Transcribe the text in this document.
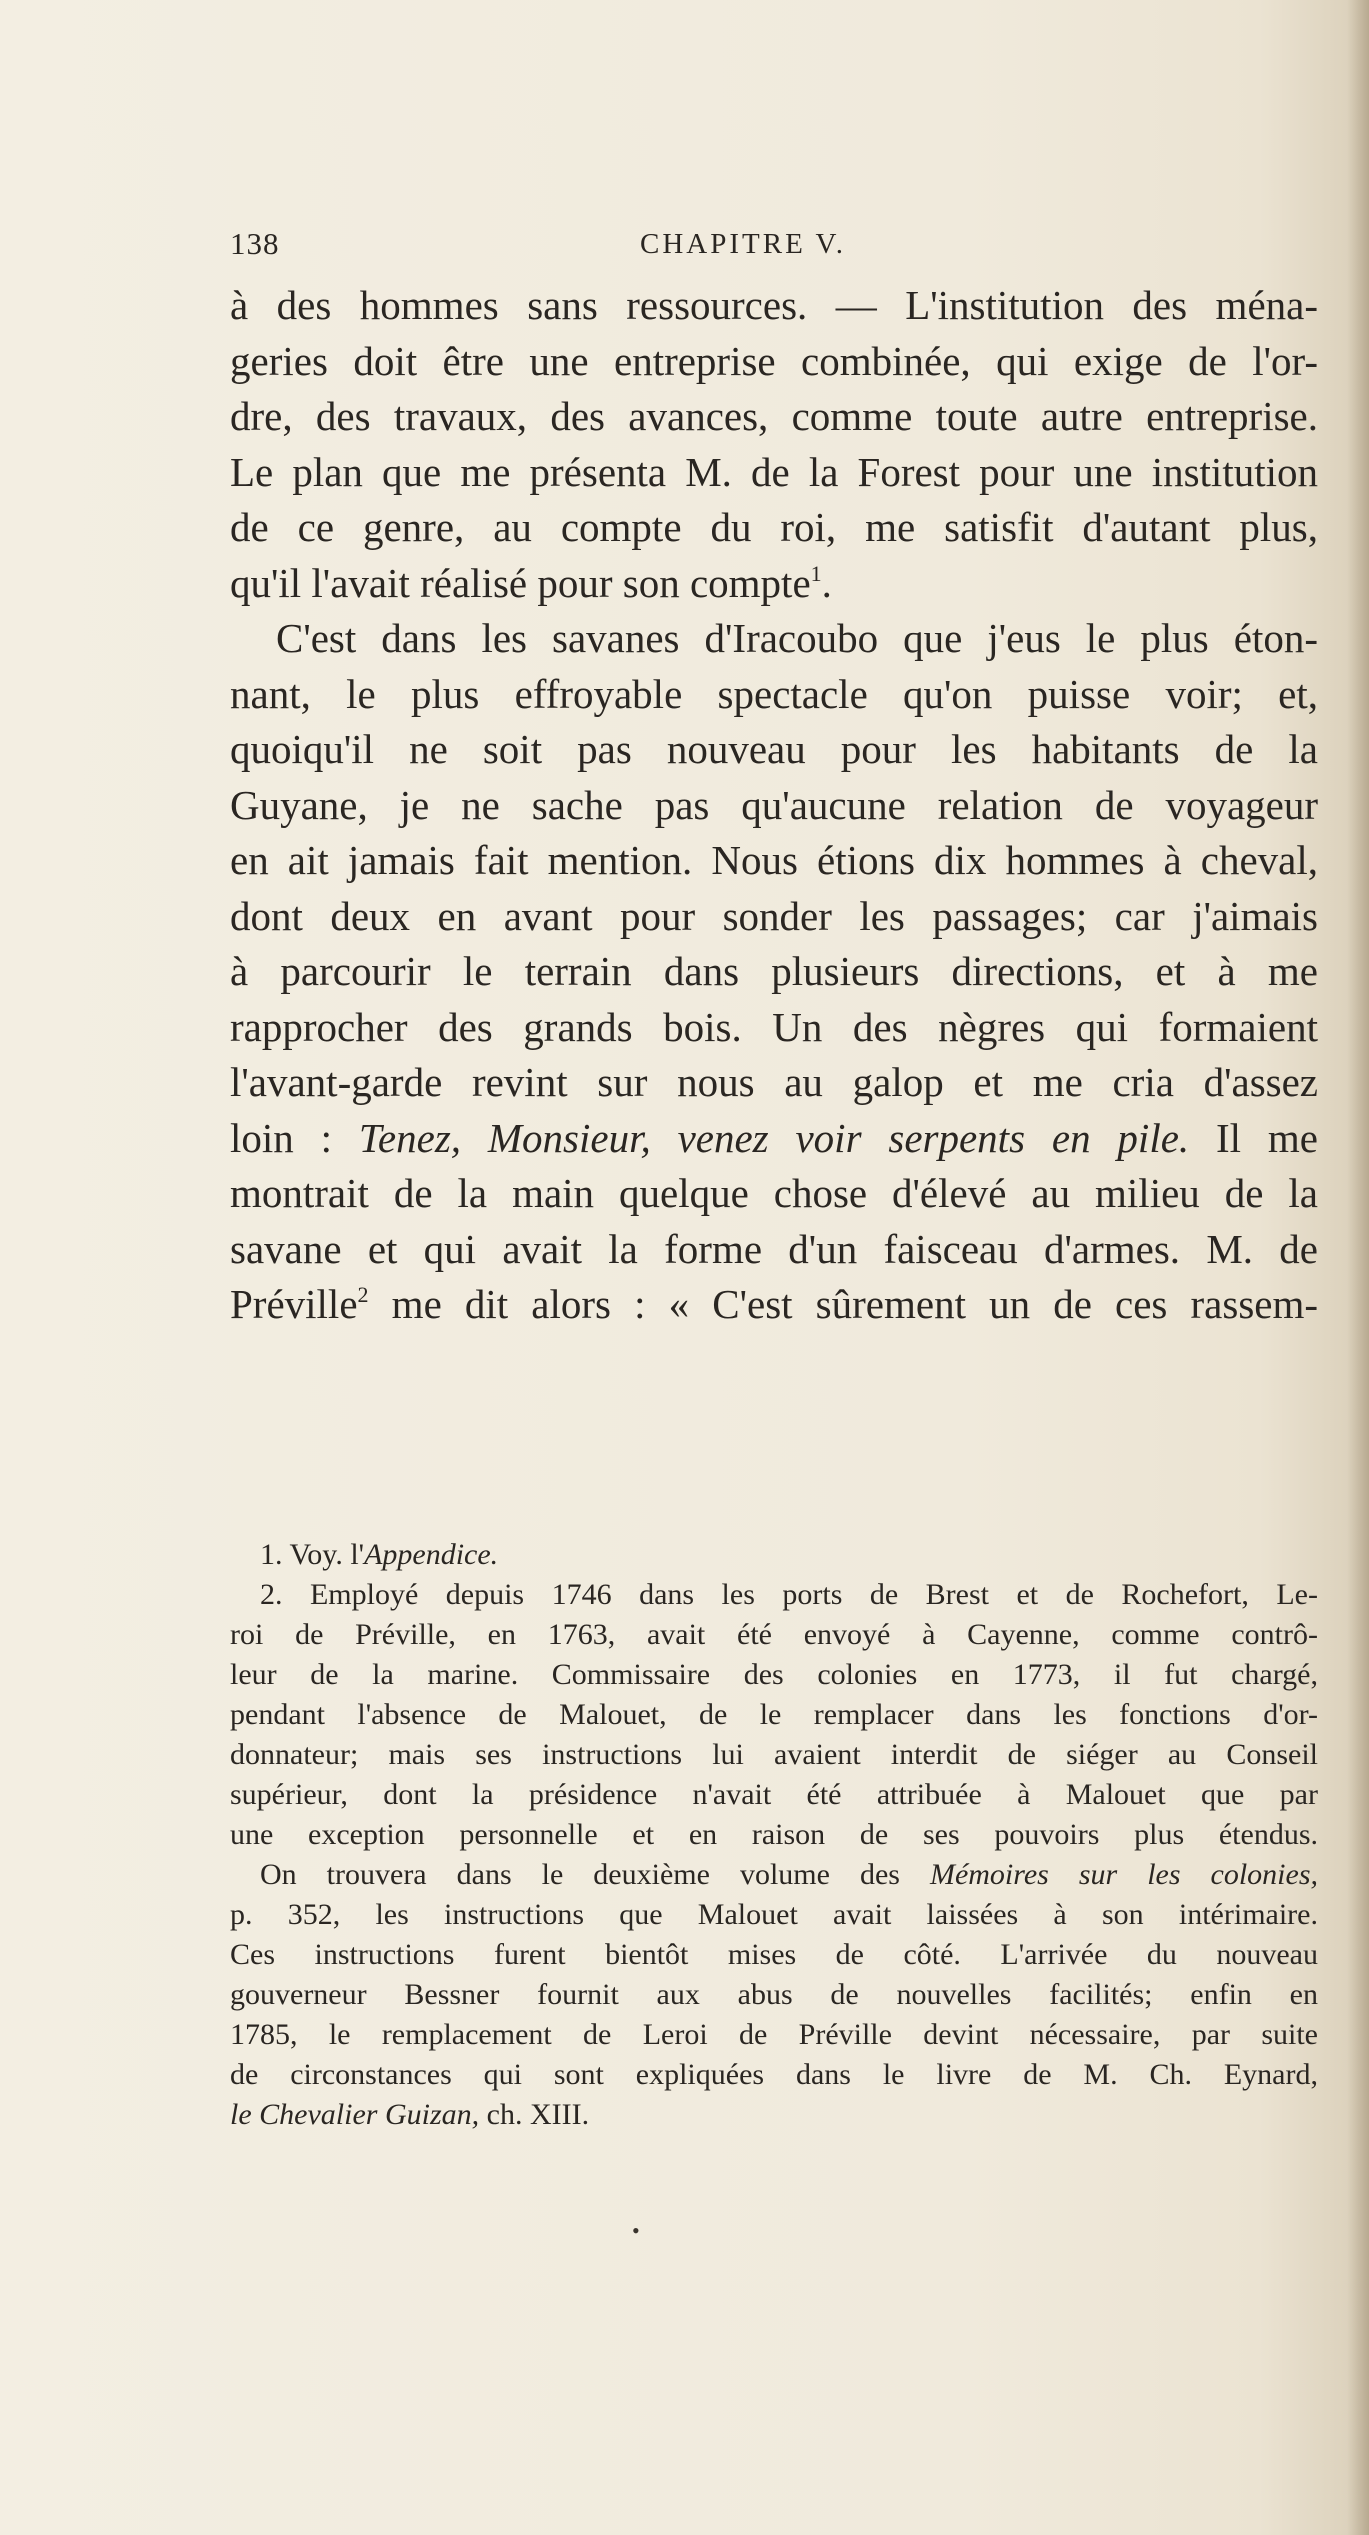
138	CHAPITRE V.
à des hommes sans ressources. — L'institution des ména-
geries doit être une entreprise combinée, qui exige de l'or-
dre, des travaux, des avances, comme toute autre entreprise.
Le plan que me présenta M. de la Forest pour une institution
de ce genre, au compte du roi, me satisfit d'autant plus,
qu'il l'avait réalisé pour son compte$^1$.
C'est dans les savanes d'Iracoubo que j'eus le plus éton-
nant, le plus effroyable spectacle qu'on puisse voir; et,
quoiqu'il ne soit pas nouveau pour les habitants de la
Guyane, je ne sache pas qu'aucune relation de voyageur
en ait jamais fait mention. Nous étions dix hommes à cheval,
dont deux en avant pour sonder les passages; car j'aimais
à parcourir le terrain dans plusieurs directions, et à me
rapprocher des grands bois. Un des nègres qui formaient
l'avant-garde revint sur nous au galop et me cria d'assez
loin : Tenez, Monsieur, venez voir serpents en pile. Il me
montrait de la main quelque chose d'élevé au milieu de la
savane et qui avait la forme d'un faisceau d'armes. M. de
Préville$^2$ me dit alors : « C'est sûrement un de ces rassem-
1. Voy. l'Appendice.
2. Employé depuis 1746 dans les ports de Brest et de Rochefort, Le-
roi de Préville, en 1763, avait été envoyé à Cayenne, comme contrô-
leur de la marine. Commissaire des colonies en 1773, il fut chargé,
pendant l'absence de Malouet, de le remplacer dans les fonctions d'or-
donnateur; mais ses instructions lui avaient interdit de siéger au Conseil
supérieur, dont la présidence n'avait été attribuée à Malouet que par
une exception personnelle et en raison de ses pouvoirs plus étendus.
On trouvera dans le deuxième volume des Mémoires sur les colonies,
p. 352, les instructions que Malouet avait laissées à son intérimaire.
Ces instructions furent bientôt mises de côté. L'arrivée du nouveau
gouverneur Bessner fournit aux abus de nouvelles facilités; enfin en
1785, le remplacement de Leroi de Préville devint nécessaire, par suite
de circonstances qui sont expliquées dans le livre de M. Ch. Eynard,
le Chevalier Guizan, ch. XIII.
•
